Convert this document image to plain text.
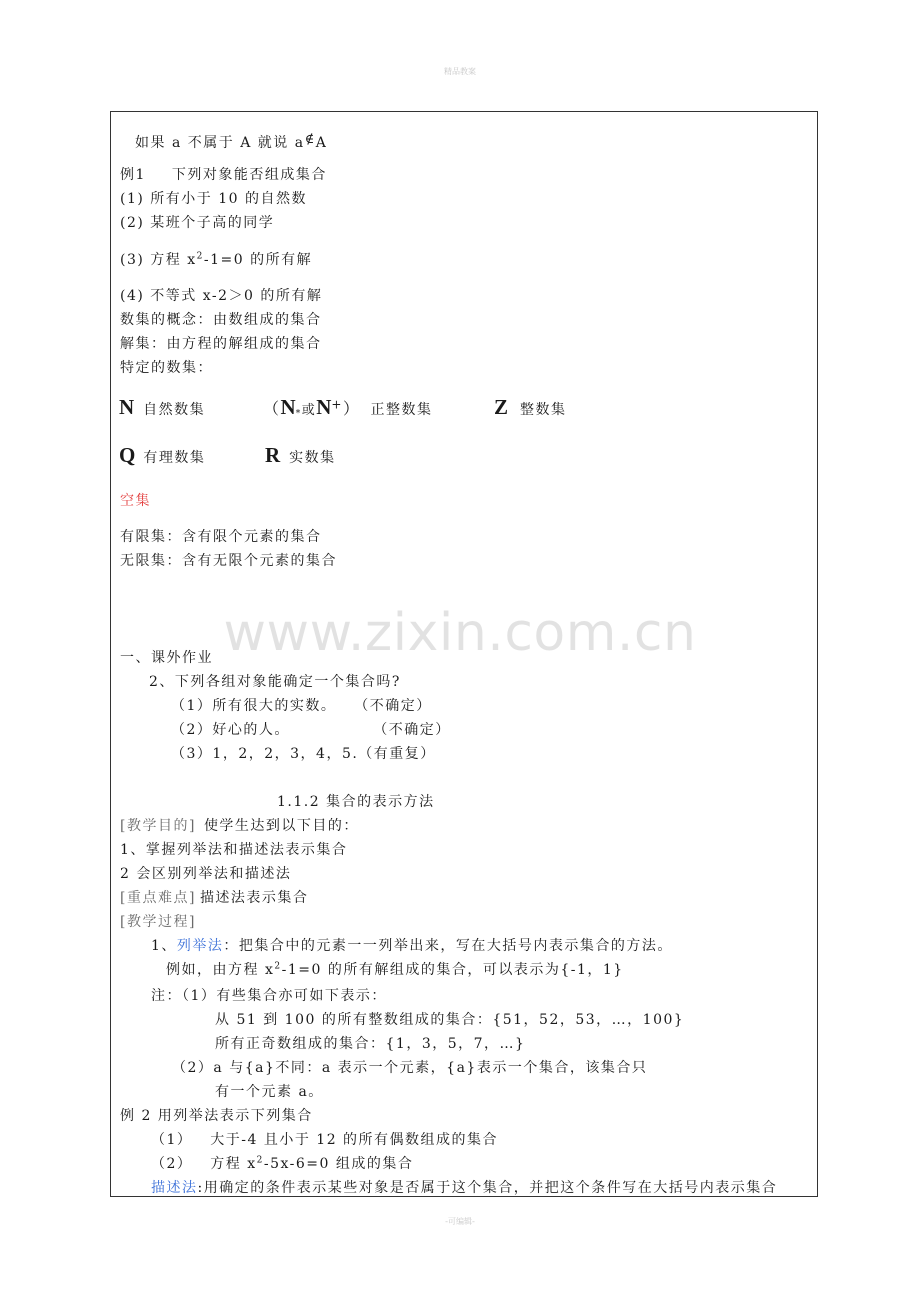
精品教案
www.zixin.com.cn
如果 a 不属于 A 就说 a∉A
例1 下列对象能否组成集合
(1) 所有小于 10 的自然数
(2) 某班个子高的同学
(3) 方程 $x^2-1=0$ 的所有解
(4) 不等式 x-2＞0 的所有解
数集的概念：由数组成的集合
解集：由方程的解组成的集合
特定的数集：
N自然数集	（$N_*$或N+） 正整数集	Z整数集
Q有理数集	R实数集
空集
有限集：含有限个元素的集合
无限集：含有无限个元素的集合
一、课外作业
2、下列各组对象能确定一个集合吗?
（1）所有很大的实数。   （不确定）
（2）好心的人。              （不确定）
（3）1，2，2，3，4，5.（有重复）
1.1.2 集合的表示方法
[教学目的] 使学生达到以下目的：
1、掌握列举法和描述法表示集合
2 会区别列举法和描述法
[重点难点] 描述法表示集合
[教学过程]
1、列举法：把集合中的元素一一列举出来，写在大括号内表示集合的方法。
例如，由方程 $x^2-1=0$ 的所有解组成的集合，可以表示为{-1，1}
注：（1）有些集合亦可如下表示：
从 51 到 100 的所有整数组成的集合：{51，52，53，…，100}
所有正奇数组成的集合：{1，3，5，7，…}
（2）a 与{a}不同：a 表示一个元素，{a}表示一个集合，该集合只
有一个元素 a。
例 2 用列举法表示下列集合
（1）   大于-4 且小于 12 的所有偶数组成的集合
（2）   方程 $x^2-5x-6=0$ 组成的集合
描述法:用确定的条件表示某些对象是否属于这个集合，并把这个条件写在大括号内表示集合
-可编辑-
